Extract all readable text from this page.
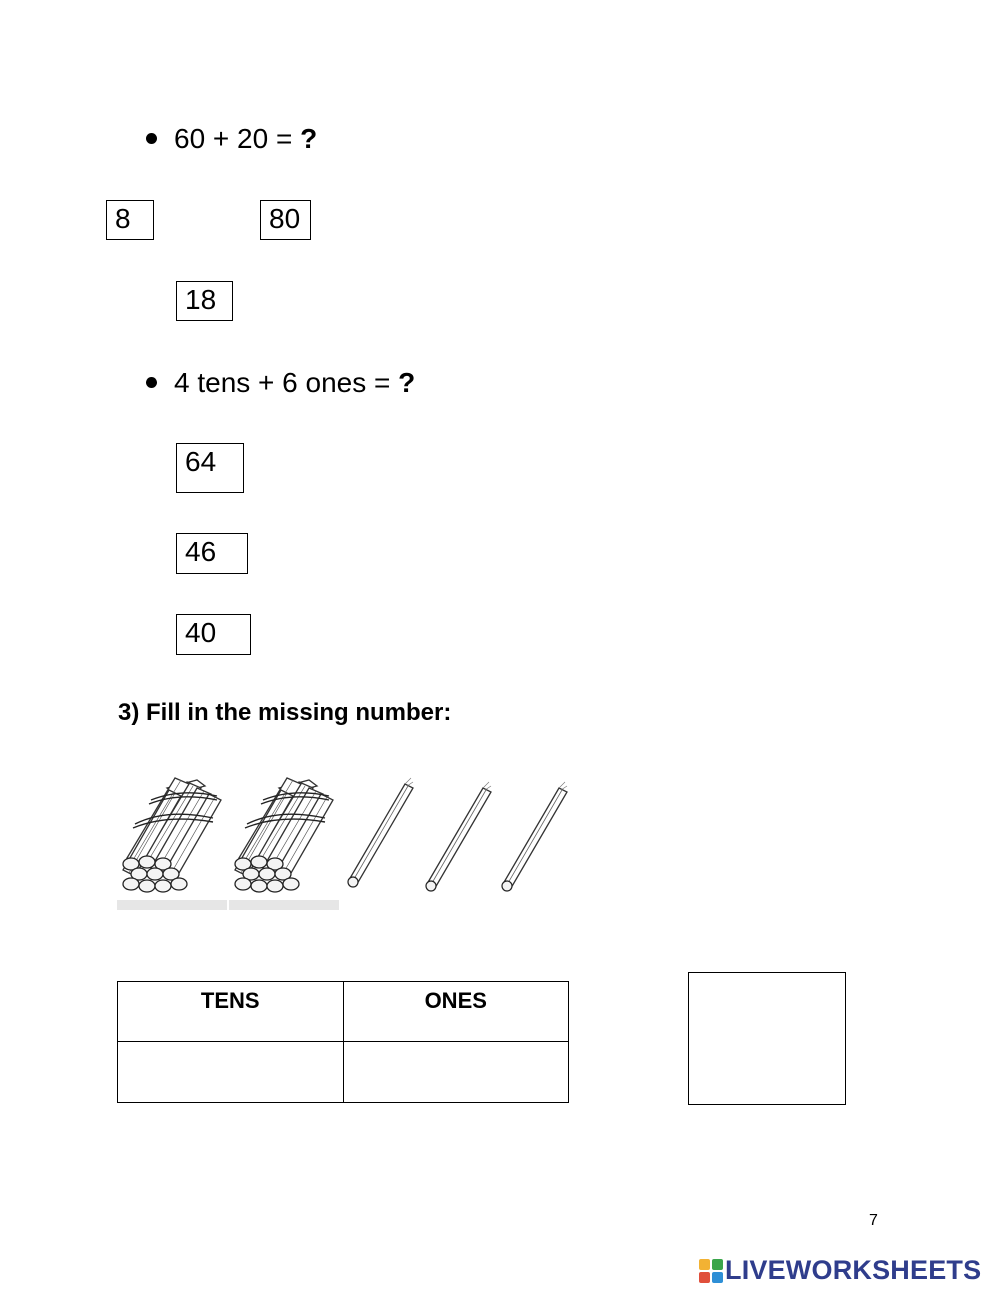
60 + 20 = ?
8	80
18
4 tens + 6 ones = ?
64
46
40
3) Fill in the missing number:
TENS	ONES

7
LIVEWORKSHEETS
